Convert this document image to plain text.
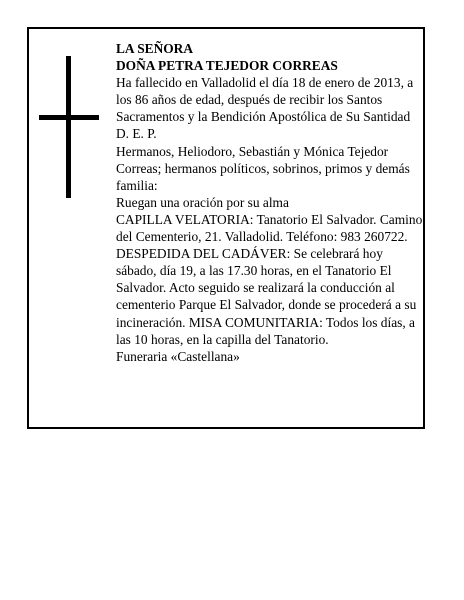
LA SEÑORA

DOÑA PETRA TEJEDOR CORREAS

Ha fallecido en Valladolid el día 18 de enero de 2013, a los 86 años de edad, después de recibir los Santos Sacramentos y la Bendición Apostólica de Su Santidad D. E. P.

Hermanos, Heliodoro, Sebastián y Mónica Tejedor Correas; hermanos políticos, sobrinos, primos y demás familia:

Ruegan una oración por su alma

CAPILLA VELATORIA: Tanatorio El Salvador. Camino del Cementerio, 21. Valladolid. Teléfono: 983 260722.

DESPEDIDA DEL CADÁVER: Se celebrará hoy sábado, día 19, a las 17.30 horas, en el Tanatorio El Salvador. Acto seguido se realizará la conducción al cementerio Parque El Salvador, donde se procederá a su incineración. MISA COMUNITARIA: Todos los días, a las 10 horas, en la capilla del Tanatorio.

Funeraria «Castellana»
